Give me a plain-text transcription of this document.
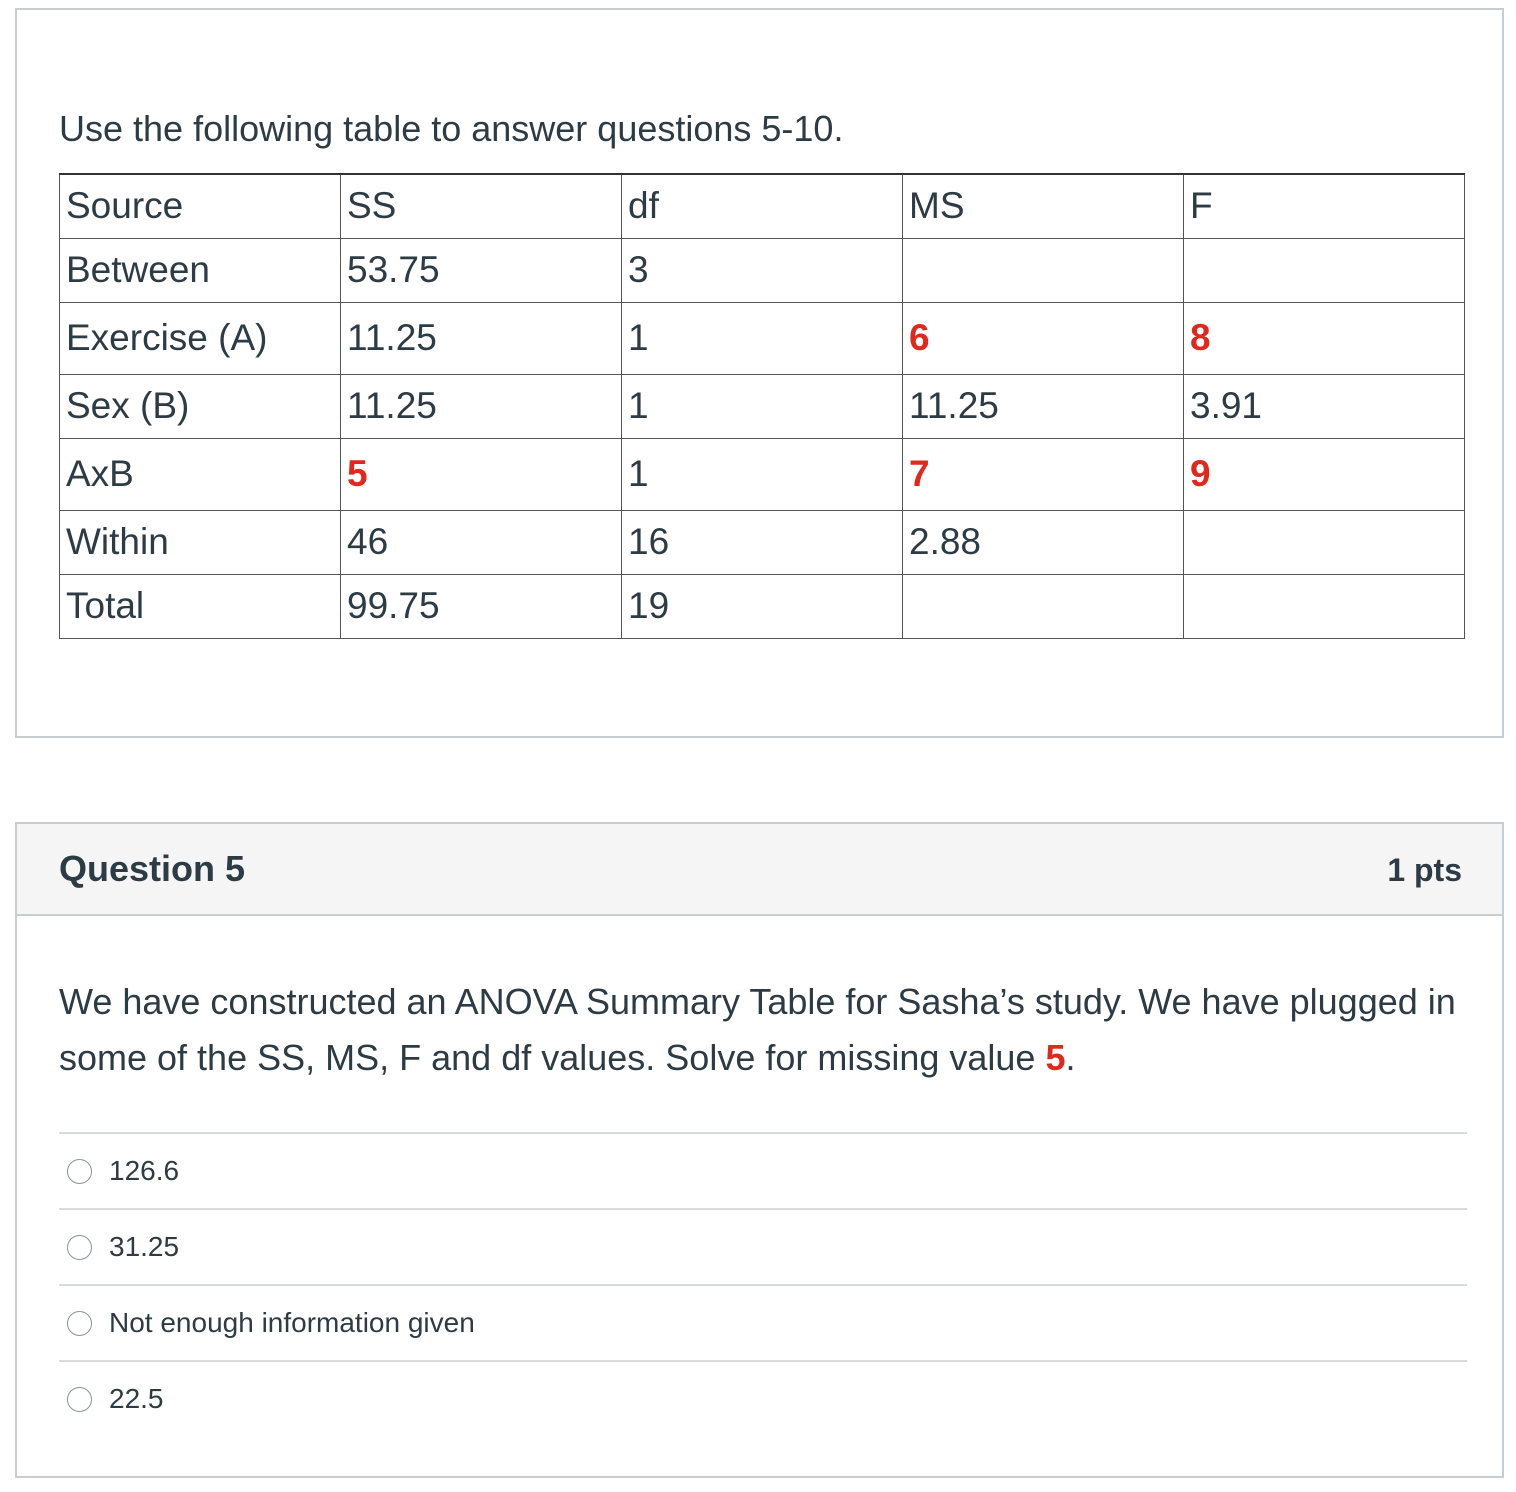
Use the following table to answer questions 5-10.

Source	SS	df	MS	F
Between	53.75	3		
Exercise (A)	11.25	1	6	8
Sex (B)	11.25	1	11.25	3.91
AxB	5	1	7	9
Within	46	16	2.88	
Total	99.75	19		
Question 5	1 pts

We have constructed an ANOVA Summary Table for Sasha’s study. We have plugged in some of the SS, MS, F and df values. Solve for missing value 5.

126.6
31.25
Not enough information given
22.5
